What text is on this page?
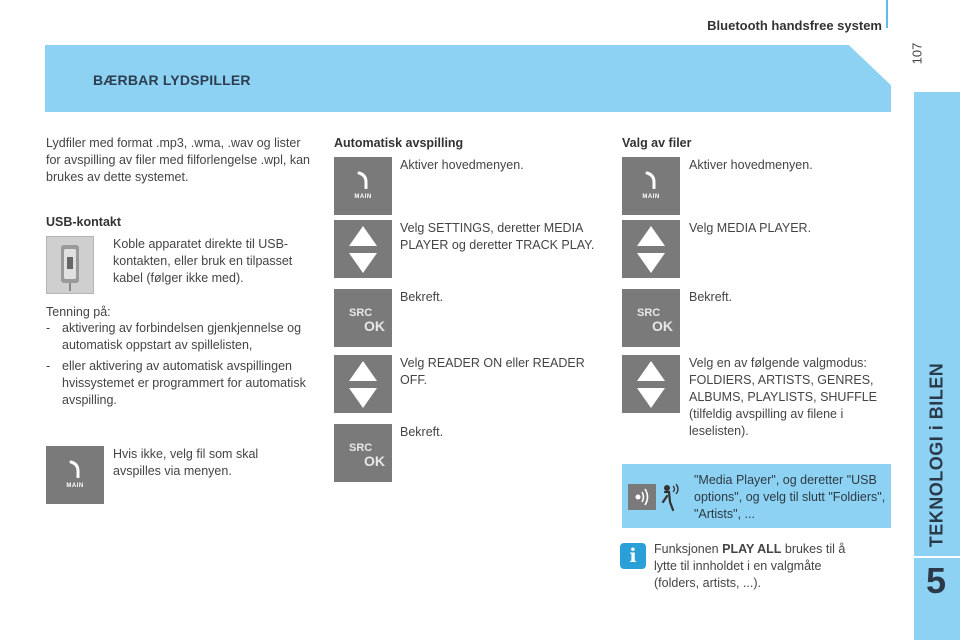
Bluetooth handsfree system
107
BÆRBAR LYDSPILLER
TEKNOLOGI i BILEN
5
Lydfiler med format .mp3, .wma, .wav og lister for avspilling av filer med filforlengelse .wpl, kan brukes av dette systemet.
USB-kontakt
Koble apparatet direkte til USB-kontakten, eller bruk en tilpasset kabel (følger ikke med).
Tenning på:
- aktivering av forbindelsen gjenkjennelse og automatisk oppstart av spillelisten,
- eller aktivering av automatisk avspillingen hvissystemet er programmert for automatisk avspilling.
MAIN
Hvis ikke, velg fil som skal avspilles via menyen.
Automatisk avspilling
MAIN
Aktiver hovedmenyen.
Velg SETTINGS, deretter MEDIA PLAYER og deretter TRACK PLAY.
SRC
OK
Bekreft.
Velg READER ON eller READER OFF.
SRC
OK
Bekreft.
Valg av filer
MAIN
Aktiver hovedmenyen.
Velg MEDIA PLAYER.
SRC
OK
Bekreft.
Velg en av følgende valgmodus: FOLDIERS, ARTISTS, GENRES, ALBUMS, PLAYLISTS, SHUFFLE (tilfeldig avspilling av filene i leselisten).
"Media Player", og deretter "USB options", og velg til slutt "Foldiers", "Artists", ...
i	Funksjonen PLAY ALL brukes til å lytte til innholdet i en valgmåte (folders, artists, ...).
